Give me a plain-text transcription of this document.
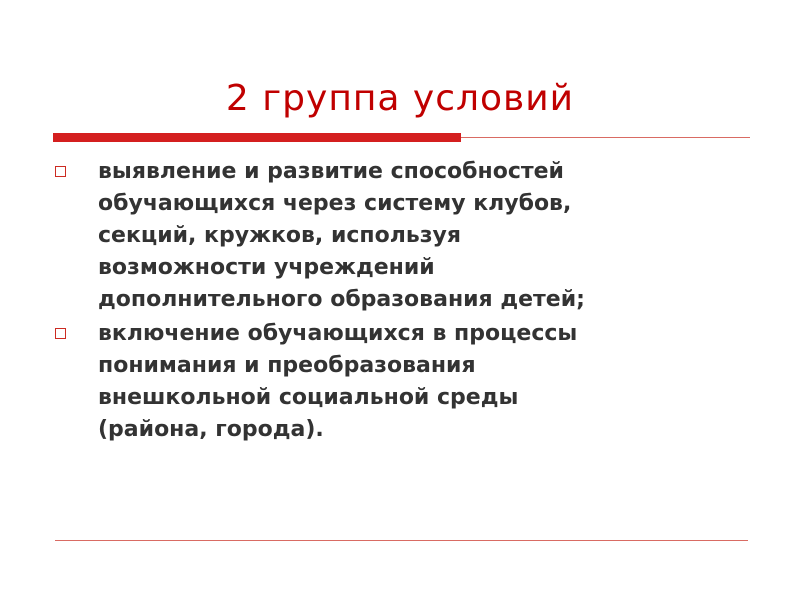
2 группа условий
выявление и развитие способностей
обучающихся через систему клубов,
секций, кружков, используя
возможности учреждений
дополнительного образования детей;
включение обучающихся в процессы
понимания и преобразования
внешкольной социальной среды
(района, города).
